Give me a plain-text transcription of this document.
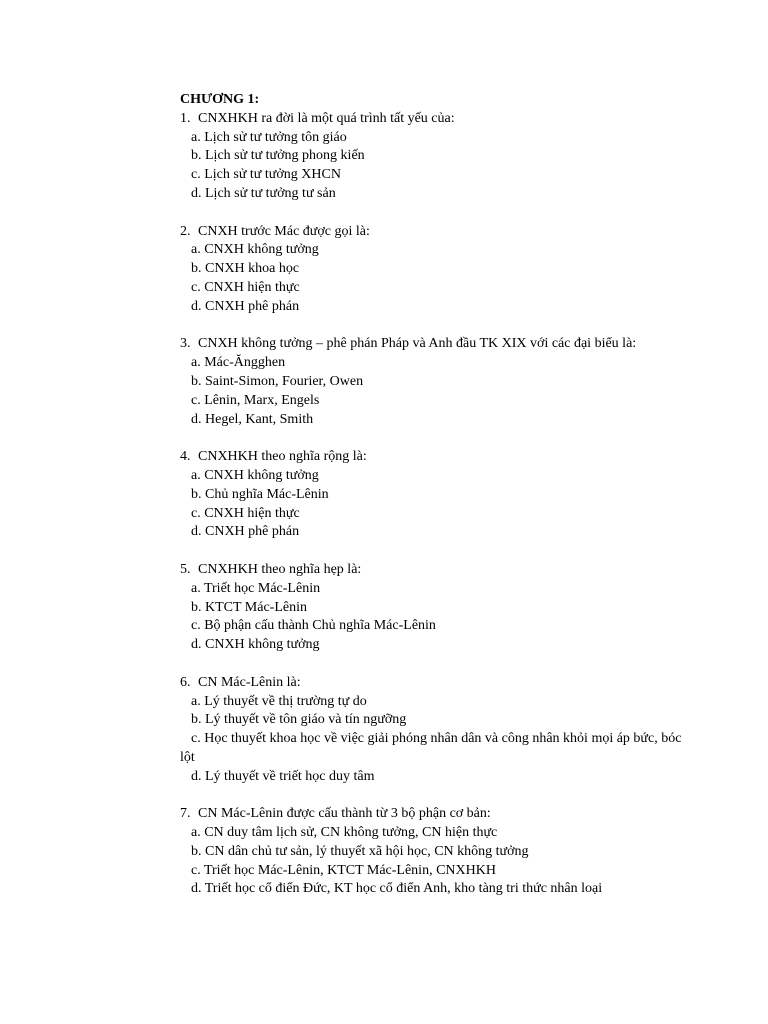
CHƯƠNG 1:
1. CNXHKH ra đời là một quá trình tất yếu của:
a. Lịch sử tư tưởng tôn giáo
b. Lịch sử tư tưởng phong kiến
c. Lịch sử tư tưởng XHCN
d. Lịch sử tư tưởng tư sản
2. CNXH trước Mác được gọi là:
a. CNXH không tưởng
b. CNXH khoa học
c. CNXH hiện thực
d. CNXH phê phán
3. CNXH không tưởng – phê phán Pháp và Anh đầu TK XIX với các đại biểu là:
a. Mác-Ăngghen
b. Saint-Simon, Fourier, Owen
c. Lênin, Marx, Engels
d. Hegel, Kant, Smith
4. CNXHKH theo nghĩa rộng là:
a. CNXH không tưởng
b. Chủ nghĩa Mác-Lênin
c. CNXH hiện thực
d. CNXH phê phán
5. CNXHKH theo nghĩa hẹp là:
a. Triết học Mác-Lênin
b. KTCT Mác-Lênin
c. Bộ phận cấu thành Chủ nghĩa Mác-Lênin
d. CNXH không tưởng
6. CN Mác-Lênin là:
a. Lý thuyết về thị trường tự do
b. Lý thuyết về tôn giáo và tín ngưỡng
c. Học thuyết khoa học về việc giải phóng nhân dân và công nhân khỏi mọi áp bức, bóc
lột
d. Lý thuyết về triết học duy tâm
7. CN Mác-Lênin được cấu thành từ 3 bộ phận cơ bản:
a. CN duy tâm lịch sử, CN không tưởng, CN hiện thực
b. CN dân chủ tư sản, lý thuyết xã hội học, CN không tưởng
c. Triết học Mác-Lênin, KTCT Mác-Lênin, CNXHKH
d. Triết học cổ điển Đức, KT học cổ điển Anh, kho tàng tri thức nhân loại
